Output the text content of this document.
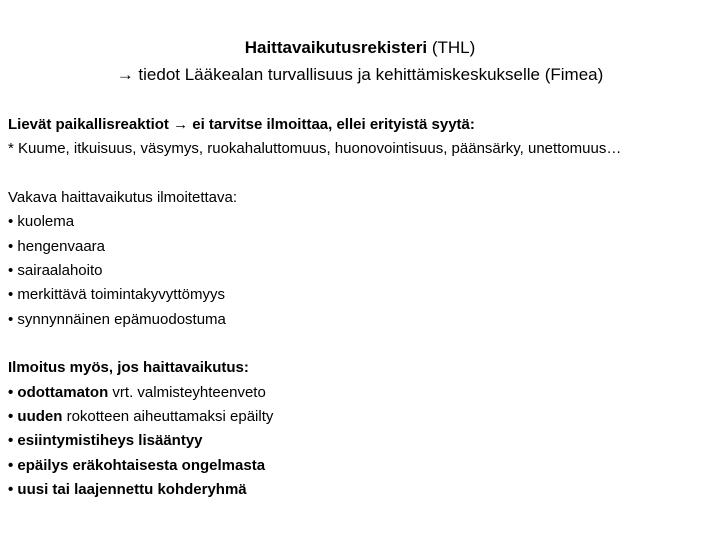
Haittavaikutusrekisteri (THL)
→ tiedot Lääkealan turvallisuus ja kehittämiskeskukselle (Fimea)
Lievät paikallisreaktiot → ei tarvitse ilmoittaa, ellei erityistä syytä:
* Kuume, itkuisuus, väsymys, ruokahaluttomuus, huonovointisuus, päänsärky, unettomuus…
Vakava haittavaikutus ilmoitettava:
• kuolema
• hengenvaara
• sairaalahoito
• merkittävä toimintakyvyttömyys
• synnynnäinen epämuodostuma
Ilmoitus myös, jos haittavaikutus:
• odottamaton vrt. valmisteyhteenveto
• uuden rokotteen aiheuttamaksi epäilty
• esiintymistiheys lisääntyy
• epäilys eräkohtaisesta ongelmasta
• uusi tai laajennettu kohderyhmä
